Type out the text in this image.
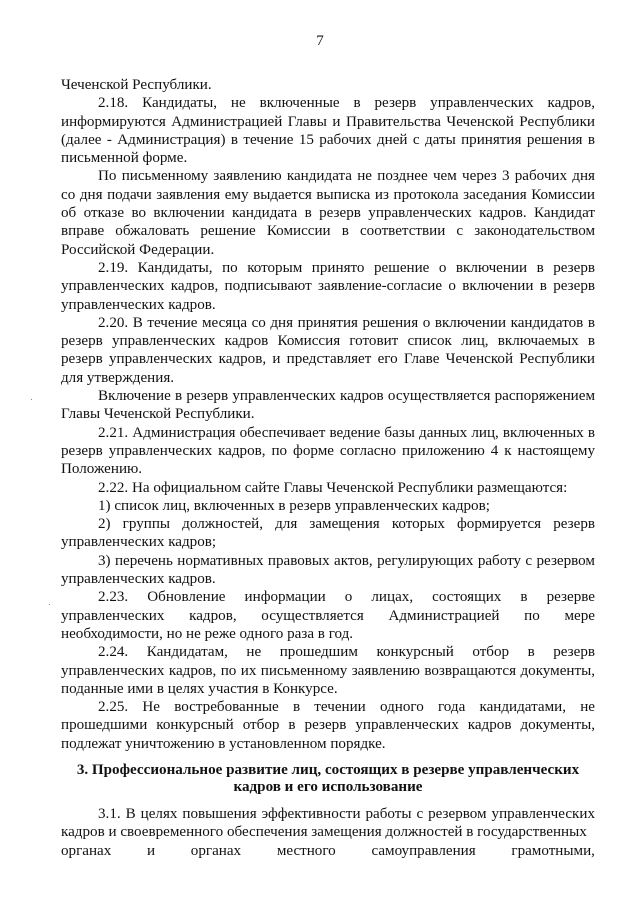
7

Чеченской Республики.

2.18. Кандидаты, не включенные в резерв управленческих кадров, информируются Администрацией Главы и Правительства Чеченской Республики (далее - Администрация) в течение 15 рабочих дней с даты принятия решения в письменной форме.

По письменному заявлению кандидата не позднее чем через 3 рабочих дня со дня подачи заявления ему выдается выписка из протокола заседания Комиссии об отказе во включении кандидата в резерв управленческих кадров. Кандидат вправе обжаловать решение Комиссии в соответствии с законодательством Российской Федерации.

2.19. Кандидаты, по которым принято решение о включении в резерв управленческих кадров, подписывают заявление-согласие о включении в резерв управленческих кадров.

2.20. В течение месяца со дня принятия решения о включении кандидатов в резерв управленческих кадров Комиссия готовит список лиц, включаемых в резерв управленческих кадров, и представляет его Главе Чеченской Республики для утверждения.

Включение в резерв управленческих кадров осуществляется распоряжением Главы Чеченской Республики.

2.21. Администрация обеспечивает ведение базы данных лиц, включенных в резерв управленческих кадров, по форме согласно приложению 4 к настоящему Положению.

2.22. На официальном сайте Главы Чеченской Республики размещаются:

1) список лиц, включенных в резерв управленческих кадров;

2) группы должностей, для замещения которых формируется резерв управленческих кадров;

3) перечень нормативных правовых актов, регулирующих работу с резервом управленческих кадров.

2.23. Обновление информации о лицах, состоящих в резерве управленческих кадров, осуществляется Администрацией по мере необходимости, но не реже одного раза в год.

2.24. Кандидатам, не прошедшим конкурсный отбор в резерв управленческих кадров, по их письменному заявлению возвращаются документы, поданные ими в целях участия в Конкурсе.

2.25. Не востребованные в течении одного года кандидатами, не прошедшими конкурсный отбор в резерв управленческих кадров документы, подлежат уничтожению в установленном порядке.

3. Профессиональное развитие лиц, состоящих в резерве управленческих
кадров и его использование

3.1. В целях повышения эффективности работы с резервом управленческих кадров и своевременного обеспечения замещения должностей в государственных

органах и органах местного самоуправления грамотными,
